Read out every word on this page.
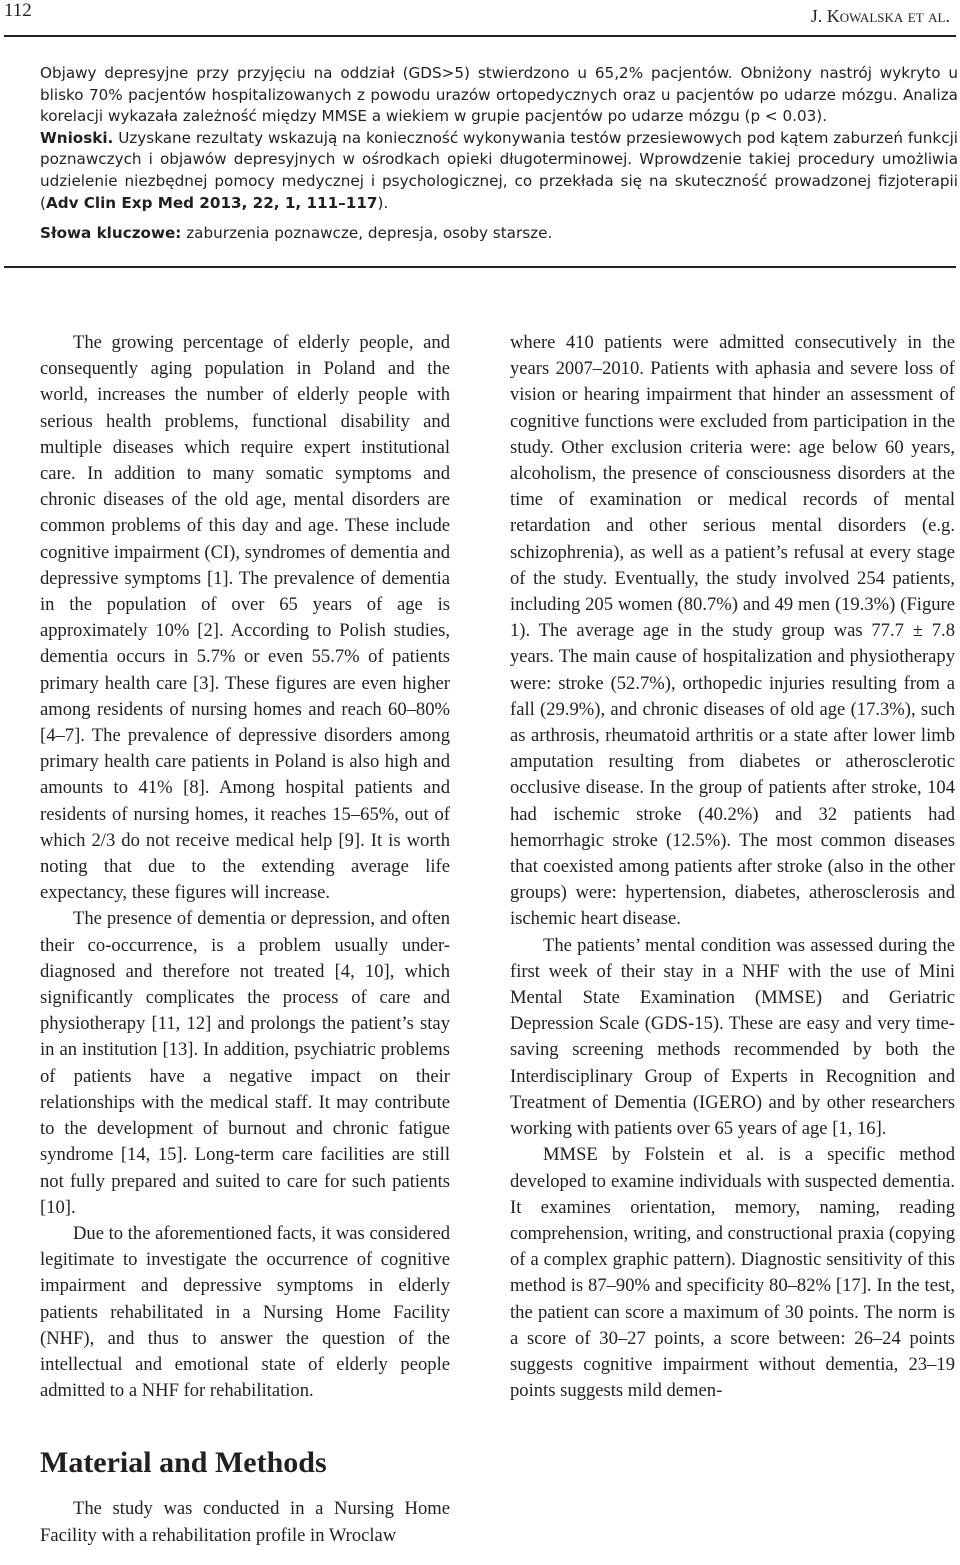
112	J. Kowalska et al.

Objawy depresyjne przy przyjęciu na oddział (GDS>5) stwierdzono u 65,2% pacjentów. Obniżony nastrój wykryto u blisko 70% pacjentów hospitalizowanych z powodu urazów ortopedycznych oraz u pacjentów po udarze mózgu. Analiza korelacji wykazała zależność między MMSE a wiekiem w grupie pacjentów po udarze mózgu (p < 0.03).

Wnioski. Uzyskane rezultaty wskazują na konieczność wykonywania testów przesiewowych pod kątem zaburzeń funkcji poznawczych i objawów depresyjnych w ośrodkach opieki długoterminowej. Wprowdzenie takiej procedury umożliwia udzielenie niezbędnej pomocy medycznej i psychologicznej, co przekłada się na skuteczność prowadzonej fizjoterapii (Adv Clin Exp Med 2013, 22, 1, 111–117).

Słowa kluczowe: zaburzenia poznawcze, depresja, osoby starsze.

The growing percentage of elderly people, and consequently aging population in Poland and the world, increases the number of elderly people with serious health problems, functional disability and multiple diseases which require expert institutional care. In addition to many somatic symptoms and chronic diseases of the old age, mental disorders are common problems of this day and age. These include cognitive impairment (CI), syndromes of dementia and depressive symptoms [1]. The prevalence of dementia in the population of over 65 years of age is approximately 10% [2]. According to Polish studies, dementia occurs in 5.7% or even 55.7% of patients primary health care [3]. These figures are even higher among residents of nursing homes and reach 60–80% [4–7]. The prevalence of depressive disorders among primary health care patients in Poland is also high and amounts to 41% [8]. Among hospital patients and residents of nursing homes, it reaches 15–65%, out of which 2/3 do not receive medical help [9]. It is worth noting that due to the extending average life expectancy, these figures will increase.

The presence of dementia or depression, and often their co-occurrence, is a problem usually under-diagnosed and therefore not treated [4, 10], which significantly complicates the process of care and physiotherapy [11, 12] and prolongs the patient’s stay in an institution [13]. In addition, psychiatric problems of patients have a negative impact on their relationships with the medical staff. It may contribute to the development of burnout and chronic fatigue syndrome [14, 15]. Long-term care facilities are still not fully prepared and suited to care for such patients [10].

Due to the aforementioned facts, it was considered legitimate to investigate the occurrence of cognitive impairment and depressive symptoms in elderly patients rehabilitated in a Nursing Home Facility (NHF), and thus to answer the question of the intellectual and emotional state of elderly people admitted to a NHF for rehabilitation.

Material and Methods

The study was conducted in a Nursing Home Facility with a rehabilitation profile in Wroclaw

where 410 patients were admitted consecutively in the years 2007–2010. Patients with aphasia and severe loss of vision or hearing impairment that hinder an assessment of cognitive functions were excluded from participation in the study. Other exclusion criteria were: age below 60 years, alcoholism, the presence of consciousness disorders at the time of examination or medical records of mental retardation and other serious mental disorders (e.g. schizophrenia), as well as a patient’s refusal at every stage of the study. Eventually, the study involved 254 patients, including 205 women (80.7%) and 49 men (19.3%) (Figure 1). The average age in the study group was 77.7 ± 7.8 years. The main cause of hospitalization and physiotherapy were: stroke (52.7%), orthopedic injuries resulting from a fall (29.9%), and chronic diseases of old age (17.3%), such as arthrosis, rheumatoid arthritis or a state after lower limb amputation resulting from diabetes or atherosclerotic occlusive disease. In the group of patients after stroke, 104 had ischemic stroke (40.2%) and 32 patients had hemorrhagic stroke (12.5%). The most common diseases that coexisted among patients after stroke (also in the other groups) were: hypertension, diabetes, atherosclerosis and ischemic heart disease.

The patients’ mental condition was assessed during the first week of their stay in a NHF with the use of Mini Mental State Examination (MMSE) and Geriatric Depression Scale (GDS-15). These are easy and very time-saving screening methods recommended by both the Interdisciplinary Group of Experts in Recognition and Treatment of Dementia (IGERO) and by other researchers working with patients over 65 years of age [1, 16].

MMSE by Folstein et al. is a specific method developed to examine individuals with suspected dementia. It examines orientation, memory, naming, reading comprehension, writing, and constructional praxia (copying of a complex graphic pattern). Diagnostic sensitivity of this method is 87–90% and specificity 80–82% [17]. In the test, the patient can score a maximum of 30 points. The norm is a score of 30–27 points, a score between: 26–24 points suggests cognitive impairment without dementia, 23–19 points suggests mild demen-
